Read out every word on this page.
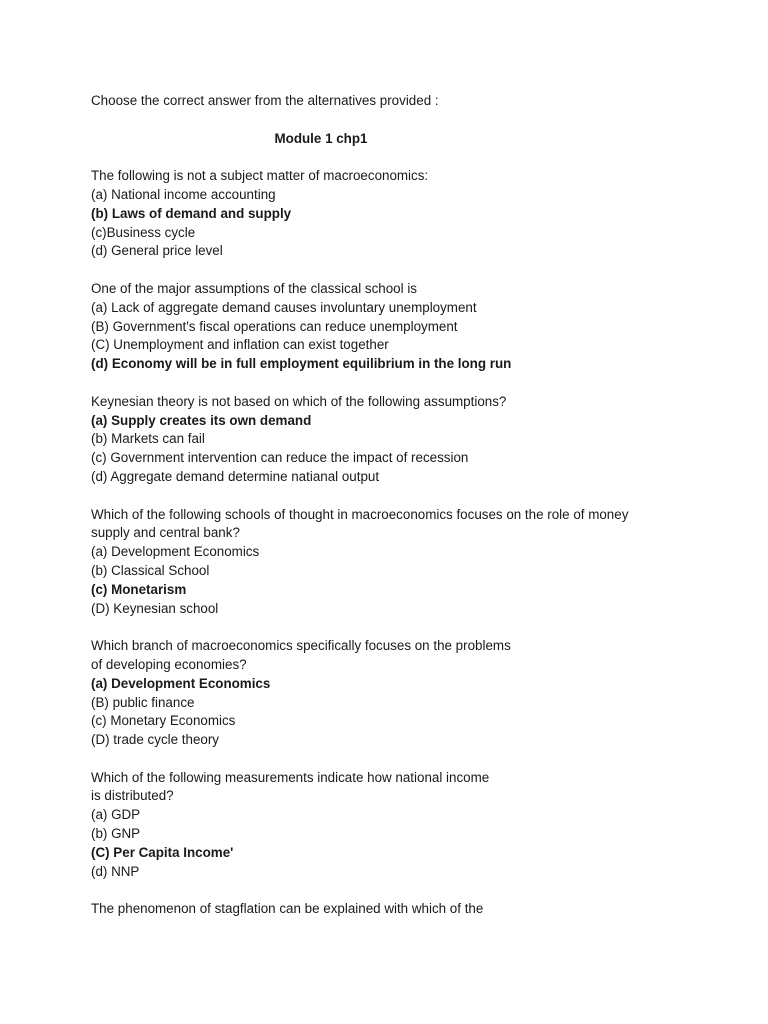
Choose the correct answer from the alternatives provided :
Module 1 chp1
The following is not a subject matter of macroeconomics:
(a) National income accounting
(b) Laws of demand and supply
(c)Business cycle
(d) General price level
One of the major assumptions of the classical school is
(a) Lack of aggregate demand causes involuntary unemployment
(B) Government's fiscal operations can reduce unemployment
(C) Unemployment and inflation can exist together
(d) Economy will be in full employment equilibrium in the long run
Keynesian theory is not based on which of the following assumptions?
(a) Supply creates its own demand
(b) Markets can fail
(c) Government intervention can reduce the impact of recession
(d) Aggregate demand determine natianal output
Which of the following schools of thought in macroeconomics focuses on the role of money
supply and central bank?
(a) Development Economics
(b) Classical School
(c) Monetarism
(D) Keynesian school
Which branch of macroeconomics specifically focuses on the problems
of developing economies?
(a) Development Economics
(B) public finance
(c) Monetary Economics
(D) trade cycle theory
Which of the following measurements indicate how national income
is distributed?
(a) GDP
(b) GNP
(C) Per Capita Income'
(d) NNP
The phenomenon of stagflation can be explained with which of the
